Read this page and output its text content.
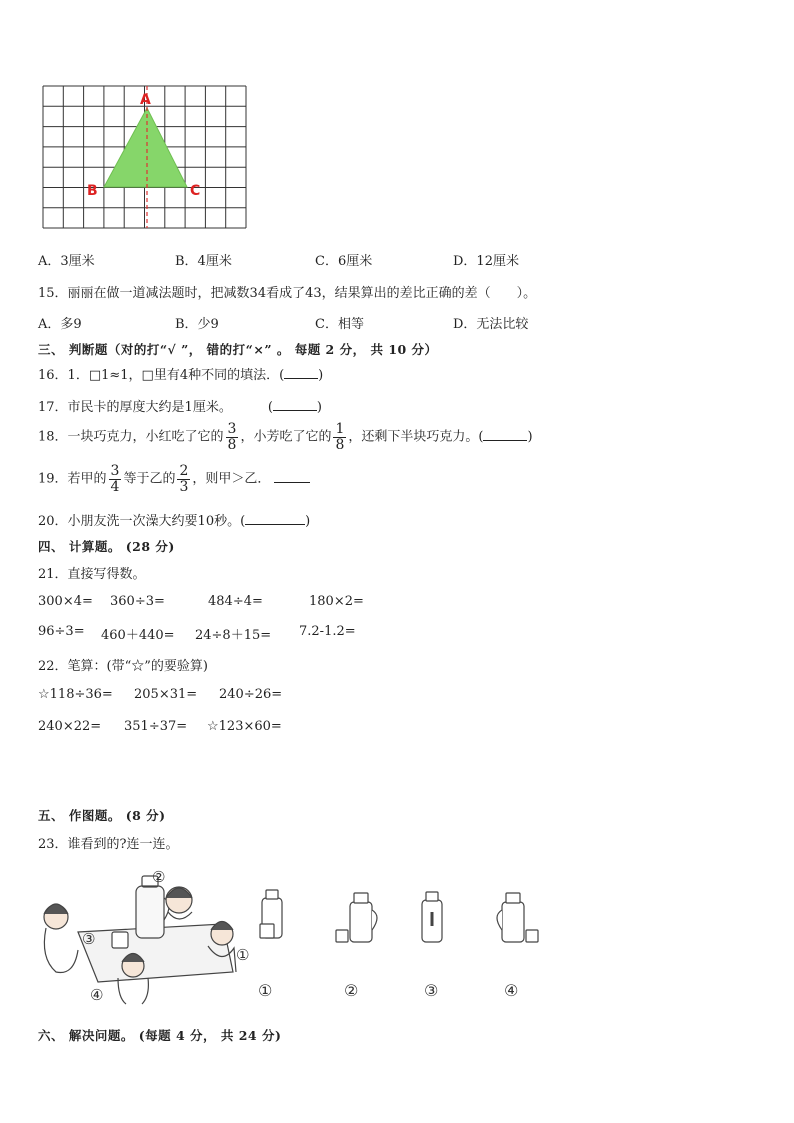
A
B	C
A．3厘米	B．4厘米	C．6厘米	D．12厘米
15．丽丽在做一道减法题时，把减数34看成了43，结果算出的差比正确的差（　　）。
A．多9	B．少9	C．相等	D．无法比较
三、 判断题（对的打“√ ”， 错的打“×” 。 每题 2 分， 共 10 分）
16．1．□1≈1，□里有4种不同的填法．(	)
17．市民卡的厚度大约是1厘米。	(	)
18．一块巧克力，小红吃了它的 $\frac{3}{8}$ ，小芳吃了它的 $\frac{1}{8}$ ，还剩下半块巧克力。(	)
19．若甲的 $\frac{3}{4}$ 等于乙的 $\frac{2}{3}$ ，则甲＞乙．
20．小朋友洗一次澡大约要10秒。(	)
四、 计算题。 (28 分)
21．直接写得数。
300×4= 360÷3=	484÷4=	180×2=
96÷3= 460＋440= 24÷8＋15= 7.2-1.2=
22．笔算：(带“☆”的要验算)
☆118÷36= 205×31= 240÷26=
240×22= 351÷37= ☆123×60=
五、 作图题。 (8 分)
23．谁看到的?连一连。
②
③
①
④	①	②	③	④
六、 解决问题。 (每题 4 分， 共 24 分)
